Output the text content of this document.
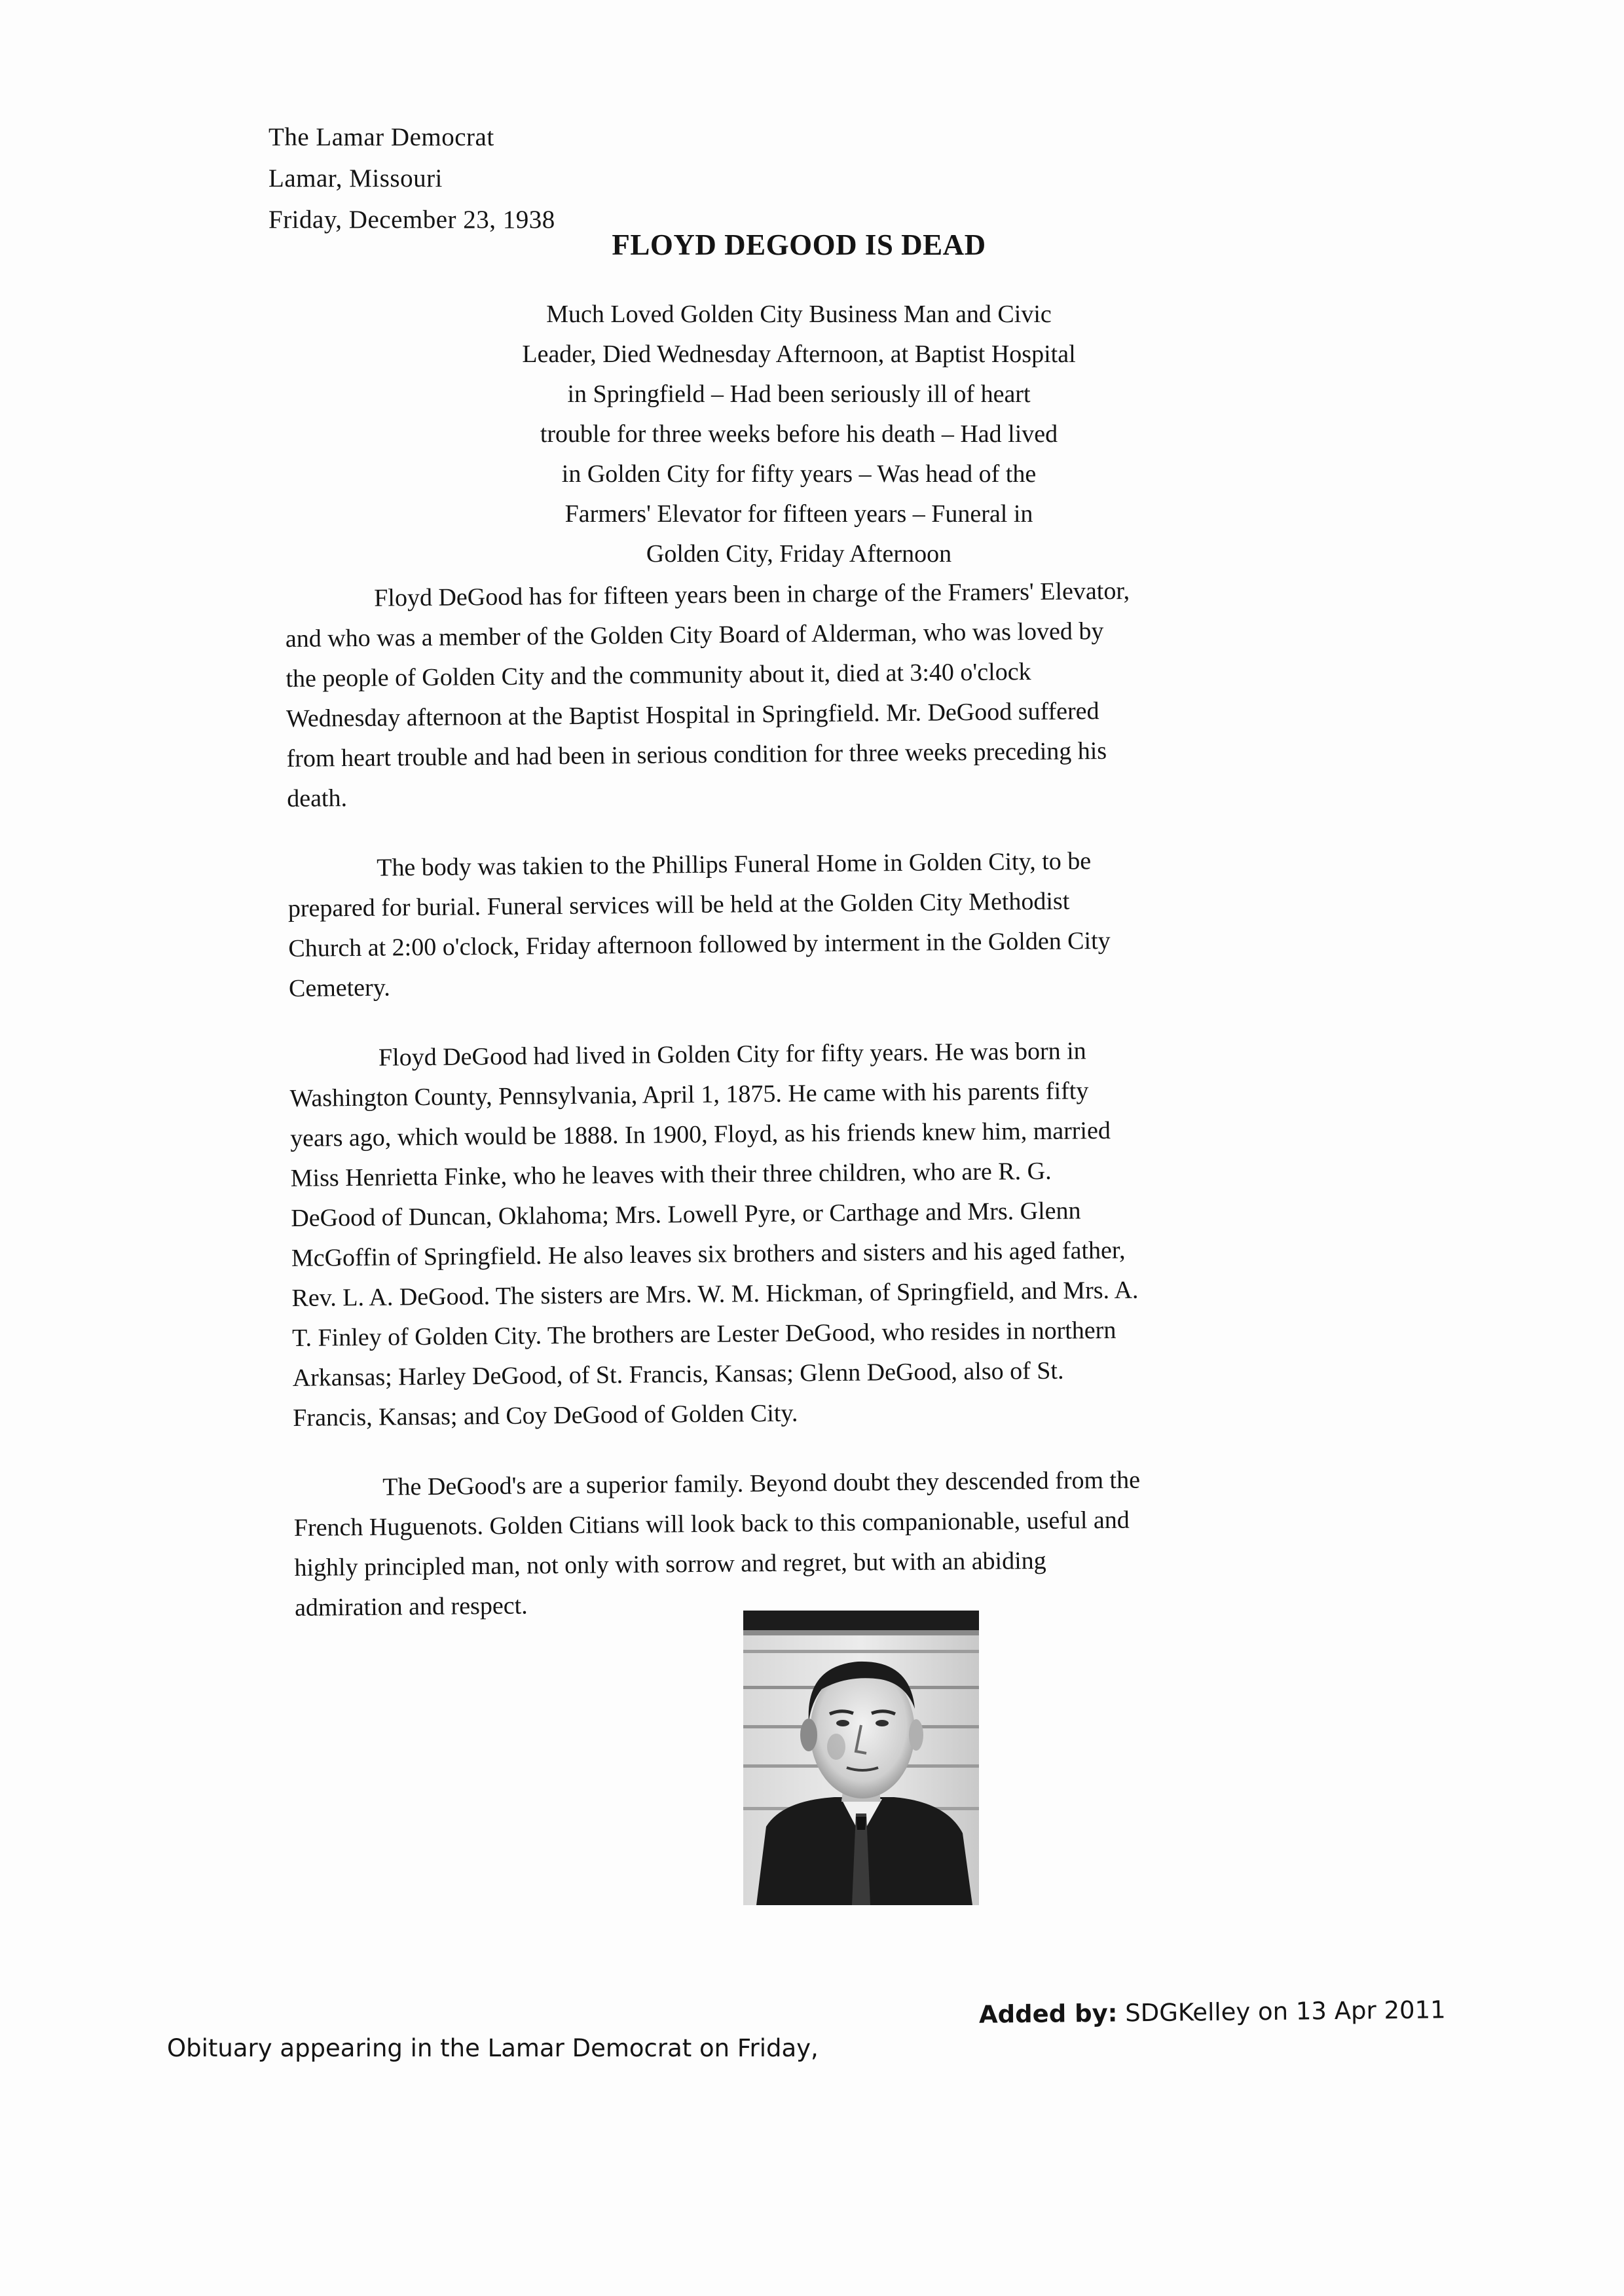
The Lamar Democrat
Lamar, Missouri
Friday, December 23, 1938
FLOYD DEGOOD IS DEAD
Much Loved Golden City Business Man and Civic
Leader, Died Wednesday Afternoon, at Baptist Hospital
in Springfield – Had been seriously ill of heart
trouble for three weeks before his death – Had lived
in Golden City for fifty years – Was head of the
Farmers' Elevator for fifteen years – Funeral in
Golden City, Friday Afternoon
Floyd DeGood has for fifteen years been in charge of the Framers' Elevator,
and who was a member of the Golden City Board of Alderman, who was loved by
the people of Golden City and the community about it, died at 3:40 o'clock
Wednesday afternoon at the Baptist Hospital in Springfield. Mr. DeGood suffered
from heart trouble and had been in serious condition for three weeks preceding his
death.
The body was takien to the Phillips Funeral Home in Golden City, to be
prepared for burial. Funeral services will be held at the Golden City Methodist
Church at 2:00 o'clock, Friday afternoon followed by interment in the Golden City
Cemetery.
Floyd DeGood had lived in Golden City for fifty years. He was born in
Washington County, Pennsylvania, April 1, 1875. He came with his parents fifty
years ago, which would be 1888. In 1900, Floyd, as his friends knew him, married
Miss Henrietta Finke, who he leaves with their three children, who are R. G.
DeGood of Duncan, Oklahoma; Mrs. Lowell Pyre, or Carthage and Mrs. Glenn
McGoffin of Springfield. He also leaves six brothers and sisters and his aged father,
Rev. L. A. DeGood. The sisters are Mrs. W. M. Hickman, of Springfield, and Mrs. A.
T. Finley of Golden City. The brothers are Lester DeGood, who resides in northern
Arkansas; Harley DeGood, of St. Francis, Kansas; Glenn DeGood, also of St.
Francis, Kansas; and Coy DeGood of Golden City.
The DeGood's are a superior family. Beyond doubt they descended from the
French Huguenots. Golden Citians will look back to this companionable, useful and
highly principled man, not only with sorrow and regret, but with an abiding
admiration and respect.
Added by: SDGKelley on 13 Apr 2011
Obituary appearing in the Lamar Democrat on Friday,
